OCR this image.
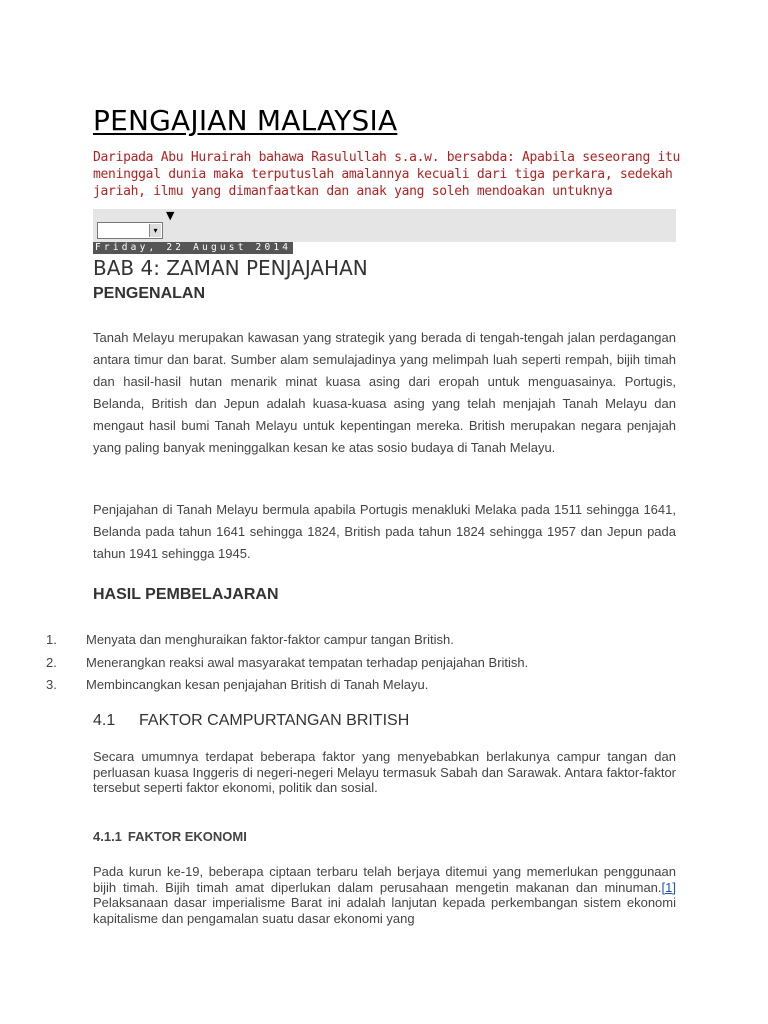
PENGAJIAN MALAYSIA

Daripada Abu Hurairah bahawa Rasulullah s.a.w. bersabda: Apabila seseorang itu meninggal dunia maka terputuslah amalannya kecuali dari tiga perkara, sedekah jariah, ilmu yang dimanfaatkan dan anak yang soleh mendoakan untuknya

▼
▾
Friday, 22 August 2014
BAB 4: ZAMAN PENJAJAHAN
PENGENALAN

Tanah Melayu merupakan kawasan yang strategik yang berada di tengah-tengah jalan perdagangan antara timur dan barat. Sumber alam semulajadinya yang melimpah luah seperti rempah, bijih timah dan hasil-hasil hutan menarik minat kuasa asing dari eropah untuk menguasainya. Portugis, Belanda, British dan Jepun adalah kuasa-kuasa asing yang telah menjajah Tanah Melayu dan mengaut hasil bumi Tanah Melayu untuk kepentingan mereka. British merupakan negara penjajah yang paling banyak meninggalkan kesan ke atas sosio budaya di Tanah Melayu.

Penjajahan di Tanah Melayu bermula apabila Portugis menakluki Melaka pada 1511 sehingga 1641, Belanda pada tahun 1641 sehingga 1824, British pada tahun 1824 sehingga 1957 dan Jepun pada tahun 1941 sehingga 1945.

HASIL PEMBELAJARAN
1. Menyata dan menghuraikan faktor-faktor campur tangan British.
2. Menerangkan reaksi awal masyarakat tempatan terhadap penjajahan British.
3. Membincangkan kesan penjajahan British di Tanah Melayu.
4.1 FAKTOR CAMPURTANGAN BRITISH

Secara umumnya terdapat beberapa faktor yang menyebabkan berlakunya campur tangan dan perluasan kuasa Inggeris di negeri-negeri Melayu termasuk Sabah dan Sarawak. Antara faktor-faktor tersebut seperti faktor ekonomi, politik dan sosial.

4.1.1 FAKTOR EKONOMI

Pada kurun ke-19, beberapa ciptaan terbaru telah berjaya ditemui yang memerlukan penggunaan bijih timah. Bijih timah amat diperlukan dalam perusahaan mengetin makanan dan minuman.[1] Pelaksanaan dasar imperialisme Barat ini adalah lanjutan kepada perkembangan sistem ekonomi kapitalisme dan pengamalan suatu dasar ekonomi yang
